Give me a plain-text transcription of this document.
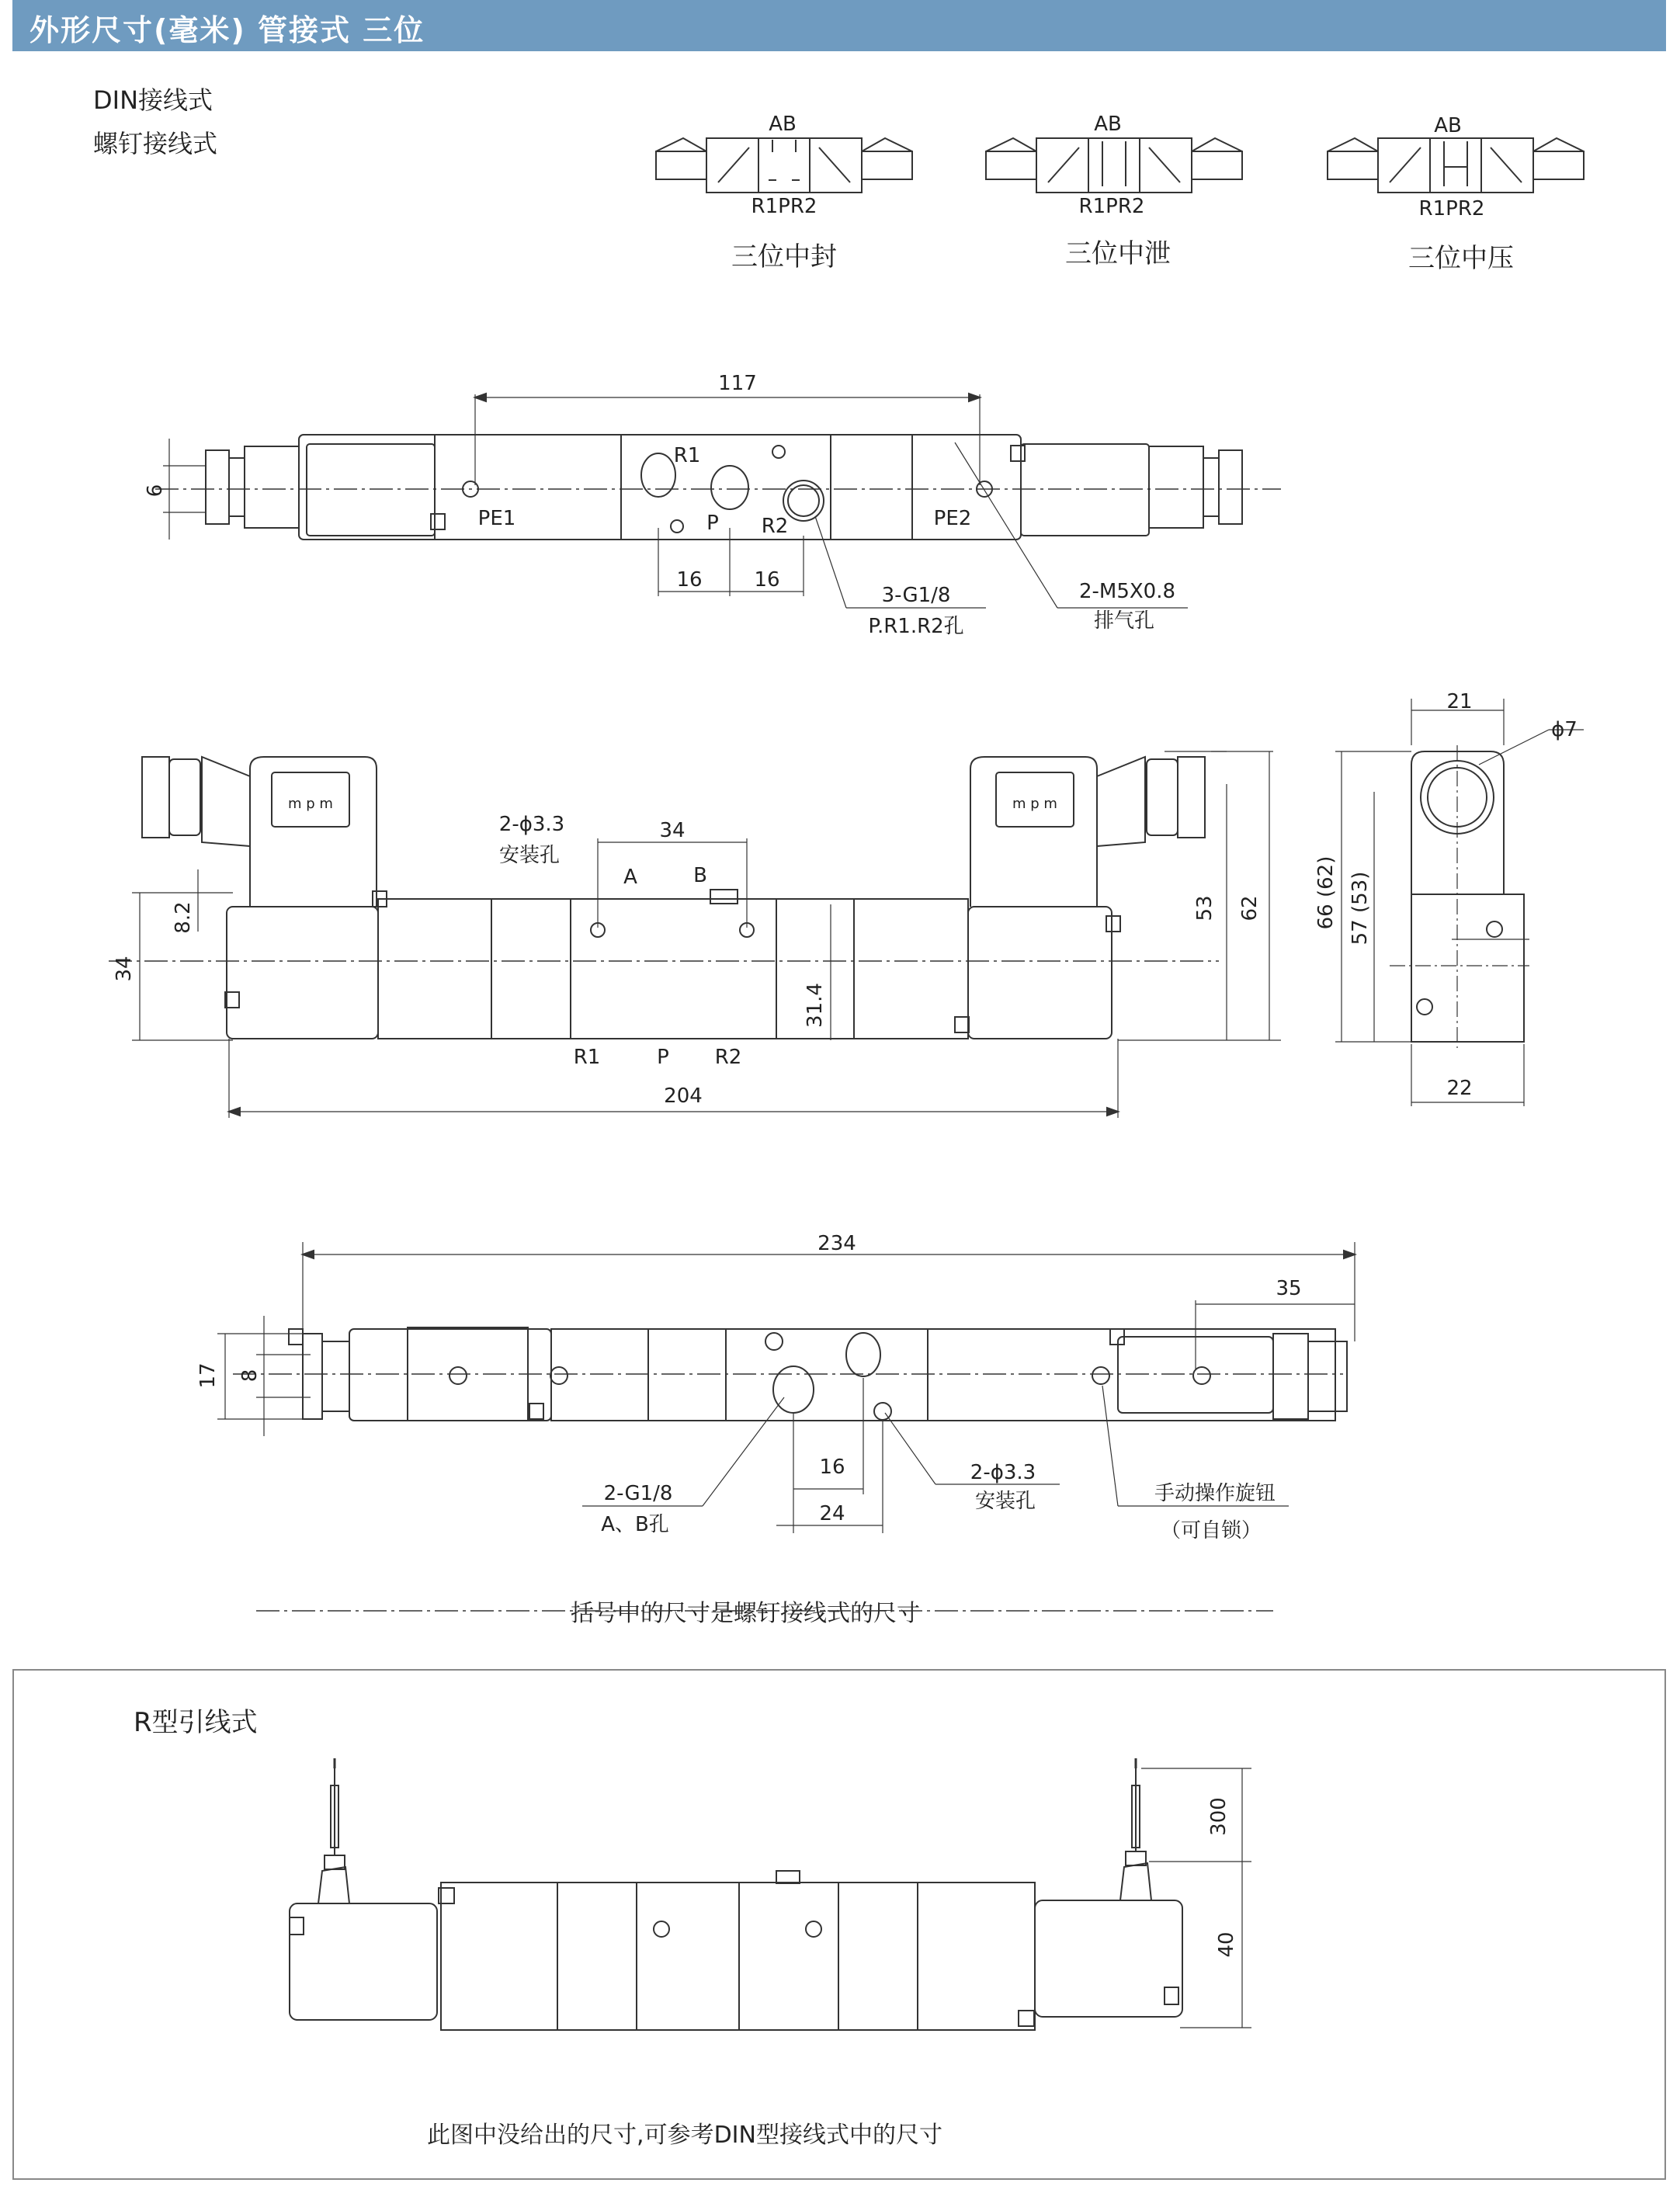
外形尺寸(毫米) 管接式 三位
DIN接线式
螺钉接线式
AB
R1PR2
三位中封
AB
R1PR2
三位中泄
AB
R1PR2
三位中压
117
6
16	16
R1
P R2
PE1	PE2
3-G1/8
P.R1.R2孔
2-M5X0.8
排气孔
m p m	m p m
2-ϕ3.3
安装孔
34
A	B
8.2
34
31.4
R1	P R2
204
53 62
21
ϕ7
66 (62) 57 (53)
22
234
35
17 8
16
24
2-G1/8
A、B孔
2-ϕ3.3
安装孔	手动操作旋钮
（可自锁）
括号中的尺寸是螺钉接线式的尺寸
R型引线式
300
40
此图中没给出的尺寸,可参考DIN型接线式中的尺寸
